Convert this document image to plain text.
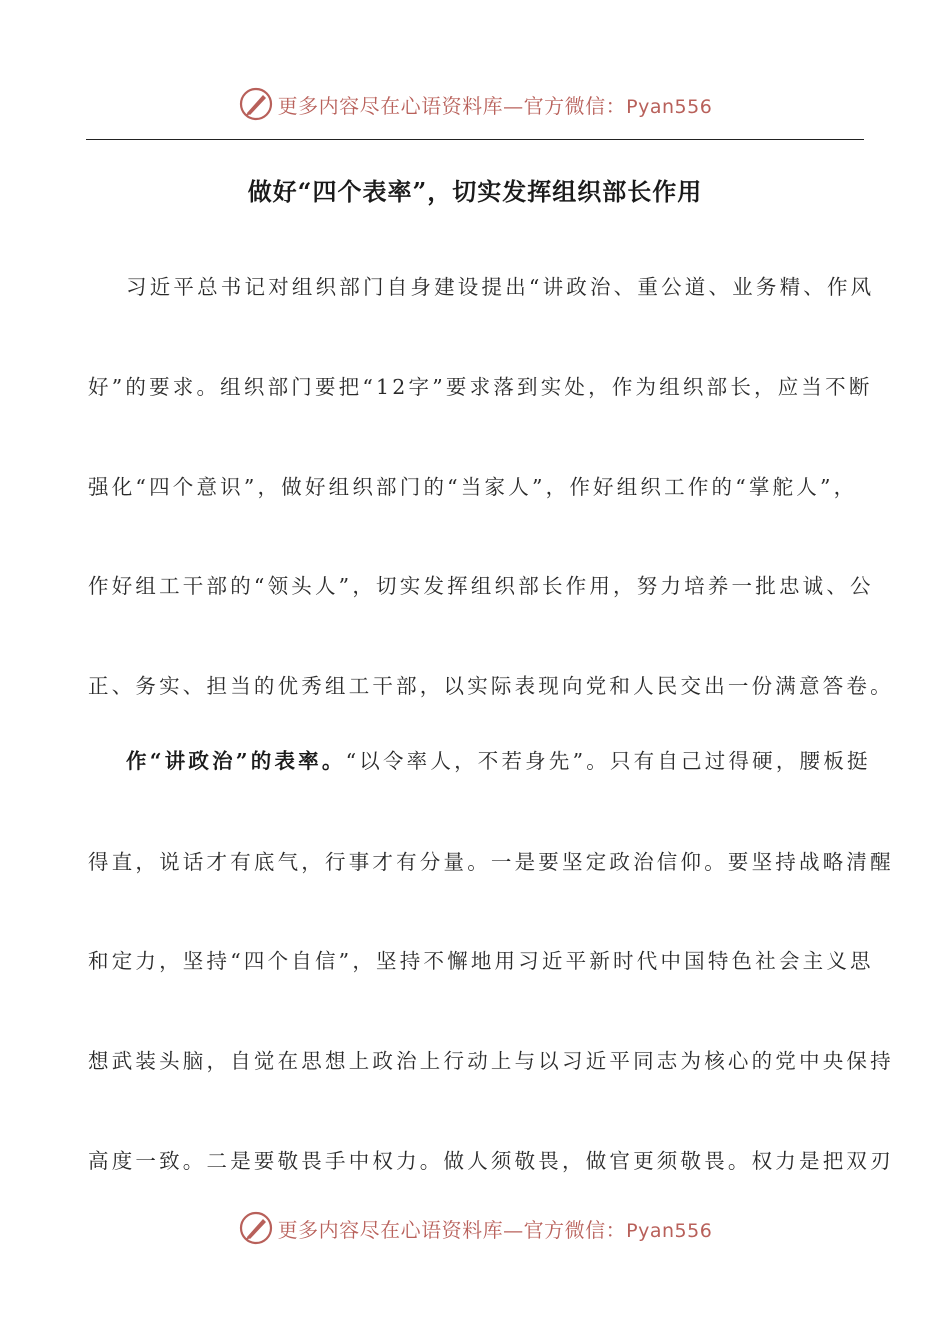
更多内容尽在心语资料库—官方微信：Pyan556
做好“四个表率”，切实发挥组织部长作用
习近平总书记对组织部门自身建设提出“讲政治、重公道、业务精、作风
好”的要求。组织部门要把“12字”要求落到实处，作为组织部长，应当不断
强化“四个意识”，做好组织部门的“当家人”，作好组织工作的“掌舵人”，
作好组工干部的“领头人”，切实发挥组织部长作用，努力培养一批忠诚、公
正、务实、担当的优秀组工干部，以实际表现向党和人民交出一份满意答卷。
作“讲政治”的表率。“以令率人，不若身先”。只有自己过得硬，腰板挺
得直，说话才有底气，行事才有分量。一是要坚定政治信仰。要坚持战略清醒
和定力，坚持“四个自信”，坚持不懈地用习近平新时代中国特色社会主义思
想武装头脑，自觉在思想上政治上行动上与以习近平同志为核心的党中央保持
高度一致。二是要敬畏手中权力。做人须敬畏，做官更须敬畏。权力是把双刃
更多内容尽在心语资料库—官方微信：Pyan556
